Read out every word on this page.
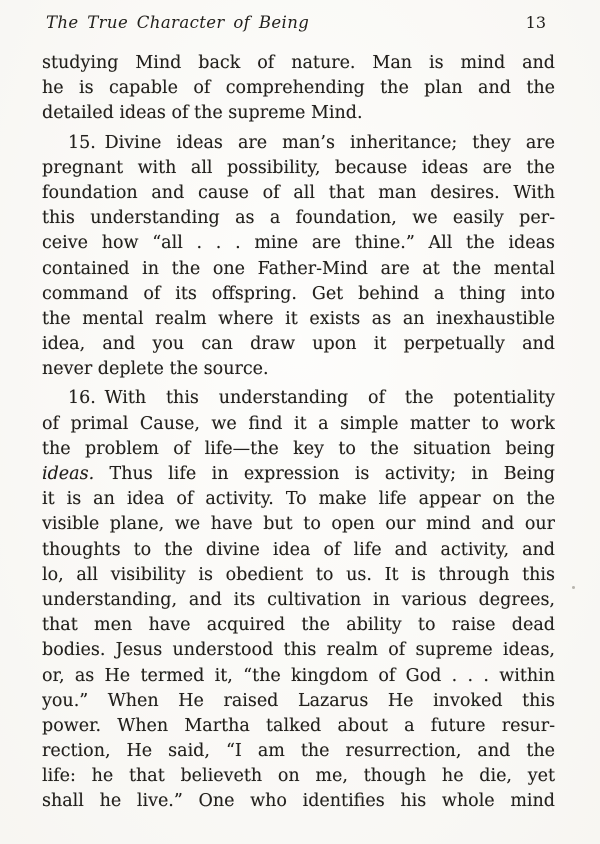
The True Character of Being	13
studying Mind back of nature. Man is mind and
he is capable of comprehending the plan and the
detailed ideas of the supreme Mind.
15. Divine ideas are man’s inheritance; they are
pregnant with all possibility, because ideas are the
foundation and cause of all that man desires. With
this understanding as a foundation, we easily per-
ceive how “all . . . mine are thine.” All the ideas
contained in the one Father-Mind are at the mental
command of its offspring. Get behind a thing into
the mental realm where it exists as an inexhaustible
idea, and you can draw upon it perpetually and
never deplete the source.
16. With this understanding of the potentiality
of primal Cause, we find it a simple matter to work
the problem of life—the key to the situation being
ideas. Thus life in expression is activity; in Being
it is an idea of activity. To make life appear on the
visible plane, we have but to open our mind and our
thoughts to the divine idea of life and activity, and
lo, all visibility is obedient to us. It is through this
understanding, and its cultivation in various degrees,
that men have acquired the ability to raise dead
bodies. Jesus understood this realm of supreme ideas,
or, as He termed it, “the kingdom of God . . . within
you.” When He raised Lazarus He invoked this
power. When Martha talked about a future resur-
rection, He said, “I am the resurrection, and the
life: he that believeth on me, though he die, yet
shall he live.” One who identifies his whole mind
